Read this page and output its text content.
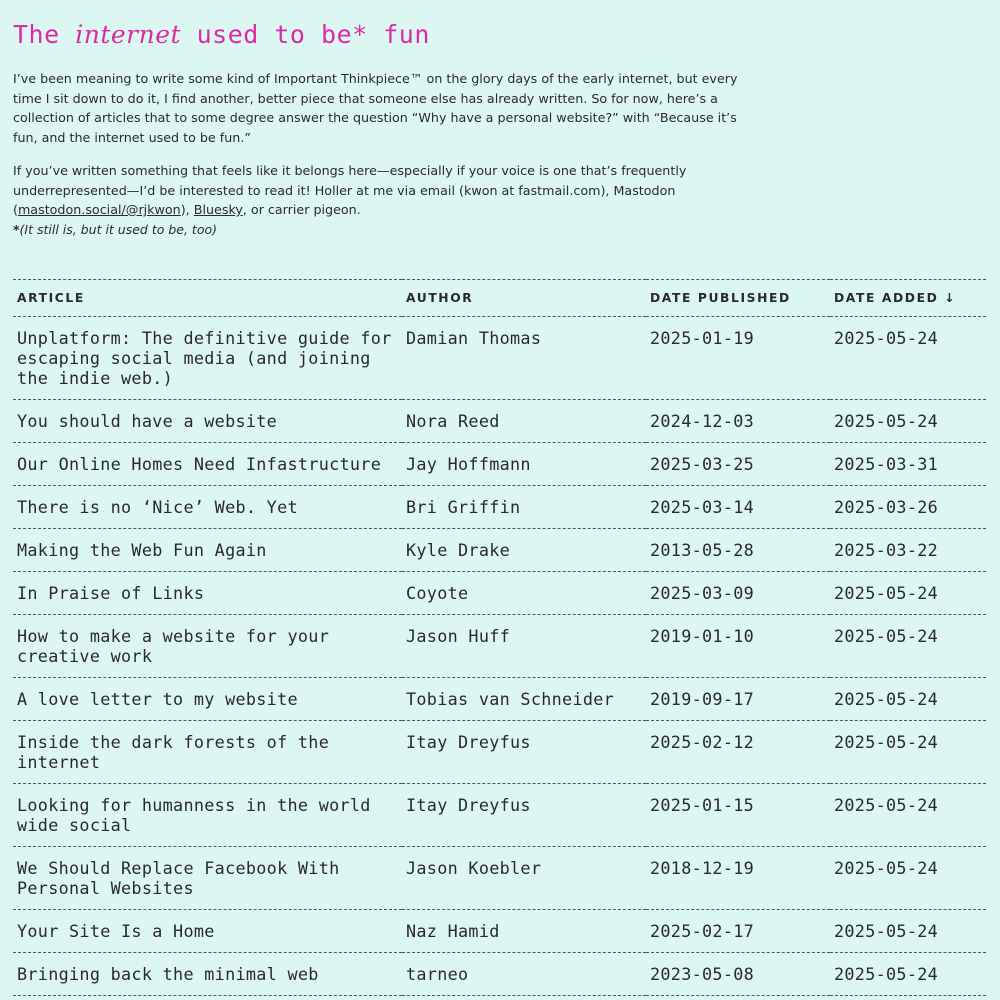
The internet used to be* fun

I’ve been meaning to write some kind of Important Thinkpiece™ on the glory days of the early internet, but every time I sit down to do it, I find another, better piece that someone else has already written. So for now, here’s a collection of articles that to some degree answer the question “Why have a personal website?” with “Because it’s fun, and the internet used to be fun.”

If you’ve written something that feels like it belongs here—especially if your voice is one that’s frequently underrepresented—I’d be interested to read it! Holler at me via email (kwon at fastmail.com), Mastodon (mastodon.social/@rjkwon), Bluesky, or carrier pigeon.

*(It still is, but it used to be, too)

ARTICLE	AUTHOR	DATE PUBLISHED	DATE ADDED ↓
Unplatform: The definitive guide for escaping social media (and joining the indie web.)	Damian Thomas	2025-01-19	2025-05-24
You should have a website	Nora Reed	2024-12-03	2025-05-24
Our Online Homes Need Infastructure	Jay Hoffmann	2025-03-25	2025-03-31
There is no ‘Nice’ Web. Yet	Bri Griffin	2025-03-14	2025-03-26
Making the Web Fun Again	Kyle Drake	2013-05-28	2025-03-22
In Praise of Links	Coyote	2025-03-09	2025-05-24
How to make a website for your creative work	Jason Huff	2019-01-10	2025-05-24
A love letter to my website	Tobias van Schneider	2019-09-17	2025-05-24
Inside the dark forests of the internet	Itay Dreyfus	2025-02-12	2025-05-24
Looking for humanness in the world wide social	Itay Dreyfus	2025-01-15	2025-05-24
We Should Replace Facebook With Personal Websites	Jason Koebler	2018-12-19	2025-05-24
Your Site Is a Home	Naz Hamid	2025-02-17	2025-05-24
Bringing back the minimal web	tarneo	2023-05-08	2025-05-24
